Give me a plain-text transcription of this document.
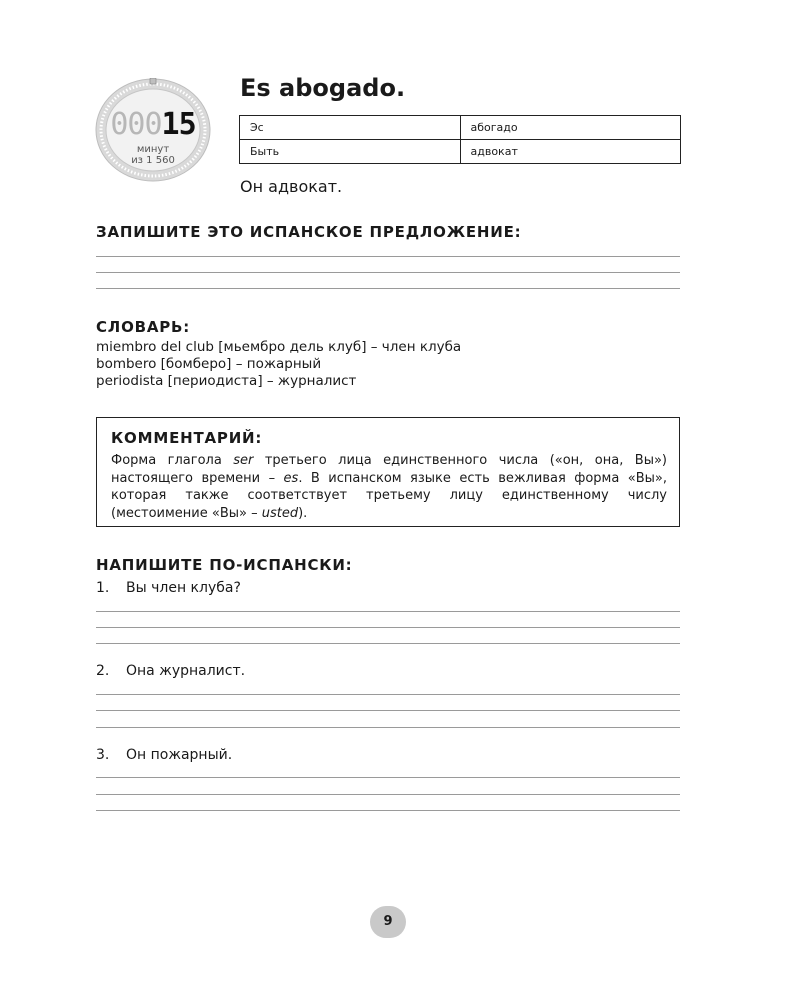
00015
минут
из 1 560
Es abogado.
Эс	абогадо
Быть	адвокат
Он адвокат.
ЗАПИШИТЕ ЭТО ИСПАНСКОЕ ПРЕДЛОЖЕНИЕ:
СЛОВАРЬ:
miembro del club [мьембро дель клуб] – член клуба
bombero [бомберо] – пожарный
periodista [периодиста] – журналист
КОММЕНТАРИЙ:
Форма глагола ser третьего лица единственного числа («он, она, Вы») настоящего времени – es. В испанском языке есть вежливая форма «Вы», которая также соответствует третьему лицу единственному числу (местоимение «Вы» – usted).
НАПИШИТЕ ПО-ИСПАНСКИ:
1. Вы член клуба?
2. Она журналист.
3. Он пожарный.
9
